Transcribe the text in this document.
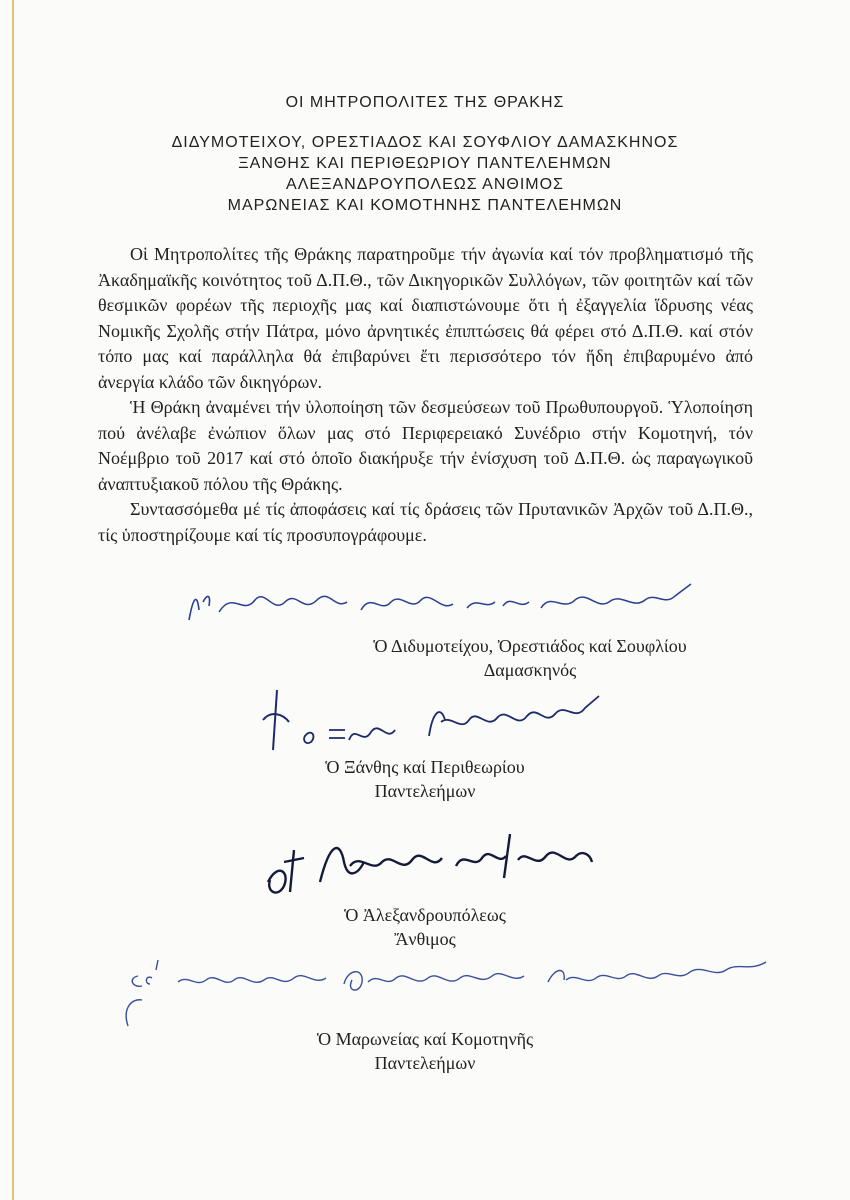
ΟΙ ΜΗΤΡΟΠΟΛΙΤΕΣ ΤΗΣ ΘΡΑΚΗΣ
ΔΙΔΥΜΟΤΕΙΧΟΥ, ΟΡΕΣΤΙΑΔΟΣ ΚΑΙ ΣΟΥΦΛΙΟΥ ΔΑΜΑΣΚΗΝΟΣ
ΞΑΝΘΗΣ ΚΑΙ ΠΕΡΙΘΕΩΡΙΟΥ ΠΑΝΤΕΛΕΗΜΩΝ
ΑΛΕΞΑΝΔΡΟΥΠΟΛΕΩΣ ΑΝΘΙΜΟΣ
ΜΑΡΩΝΕΙΑΣ ΚΑΙ ΚΟΜΟΤΗΝΗΣ ΠΑΝΤΕΛΕΗΜΩΝ

Οἱ Μητροπολίτες τῆς Θράκης παρατηροῦμε τήν ἀγωνία καί τόν προβληματισμό τῆς Ἀκαδημαϊκῆς κοινότητος τοῦ Δ.Π.Θ., τῶν Δικηγορικῶν Συλλόγων, τῶν φοιτητῶν καί τῶν θεσμικῶν φορέων τῆς περιοχῆς μας καί διαπιστώνουμε ὅτι ἡ ἐξαγγελία ἵδρυσης νέας Νομικῆς Σχολῆς στήν Πάτρα, μόνο ἀρνητικές ἐπιπτώσεις θά φέρει στό Δ.Π.Θ. καί στόν τόπο μας καί παράλληλα θά ἐπιβαρύνει ἔτι περισσότερο τόν ἤδη ἐπιβαρυμένο ἀπό ἀνεργία κλάδο τῶν δικηγόρων.

Ἡ Θράκη ἀναμένει τήν ὑλοποίηση τῶν δεσμεύσεων τοῦ Πρωθυπουργοῦ. Ὑλοποίηση πού ἀνέλαβε ἐνώπιον ὅλων μας στό Περιφερειακό Συνέδριο στήν Κομοτηνή, τόν Νοέμβριο τοῦ 2017 καί στό ὁποῖο διακήρυξε τήν ἐνίσχυση τοῦ Δ.Π.Θ. ὡς παραγωγικοῦ ἀναπτυξιακοῦ πόλου τῆς Θράκης.

Συντασσόμεθα μέ τίς ἀποφάσεις καί τίς δράσεις τῶν Πρυτανικῶν Ἀρχῶν τοῦ Δ.Π.Θ., τίς ὑποστηρίζουμε καί τίς προσυπογράφουμε.

Ὁ Διδυμοτείχου, Ὀρεστιάδος καί Σουφλίου
Δαμασκηνός
Ὁ Ξάνθης καί Περιθεωρίου
Παντελεήμων
Ὁ Ἀλεξανδρουπόλεως
Ἄνθιμος
Ὁ Μαρωνείας καί Κομοτηνῆς
Παντελεήμων
